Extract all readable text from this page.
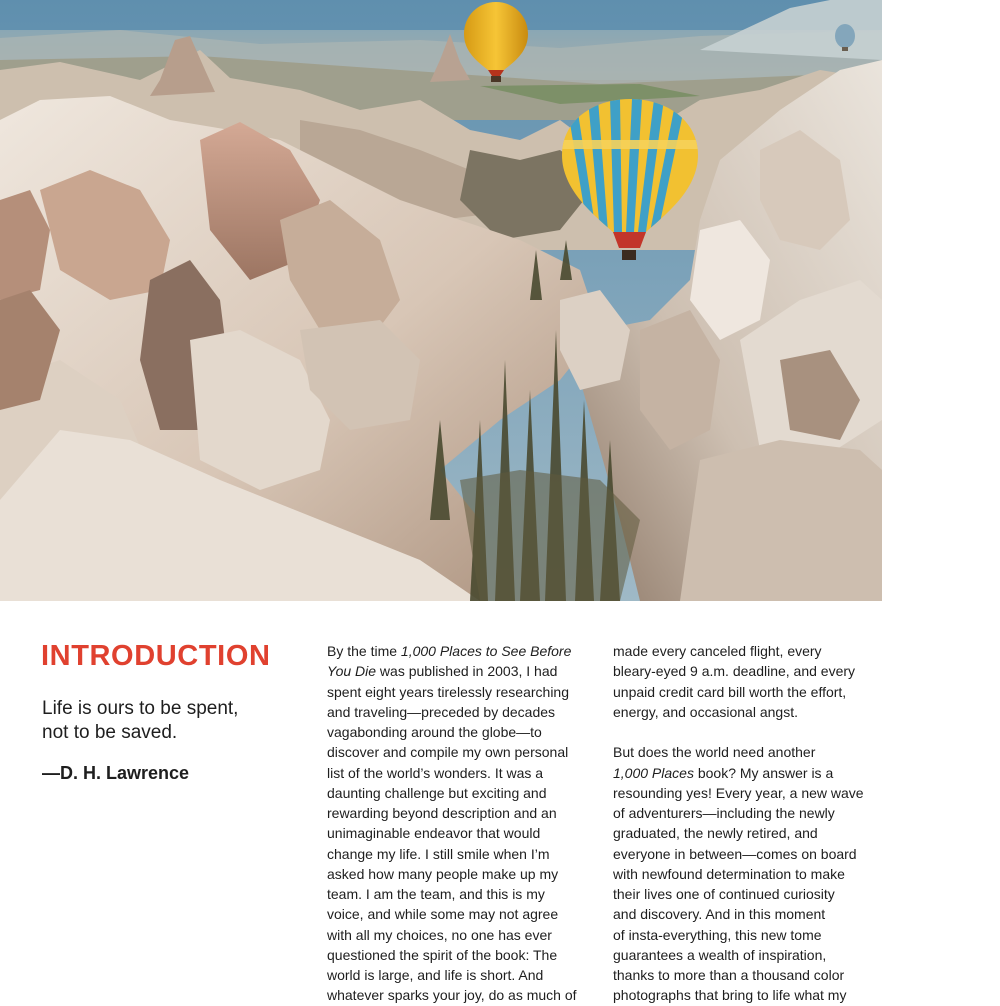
INTRODUCTION

Life is ours to be spent,
not to be saved.

—D. H. Lawrence

By the time 1,000 Places to See Before
You Die was published in 2003, I had
spent eight years tirelessly researching
and traveling—preceded by decades
vagabonding around the globe—to
discover and compile my own personal
list of the world’s wonders. It was a
daunting challenge but exciting and
rewarding beyond description and an
unimaginable endeavor that would
change my life. I still smile when I’m
asked how many people make up my
team. I am the team, and this is my
voice, and while some may not agree
with all my choices, no one has ever
questioned the spirit of the book: The
world is large, and life is short. And
whatever sparks your joy, do as much of
made every canceled flight, every
bleary-eyed 9 a.m. deadline, and every
unpaid credit card bill worth the effort,
energy, and occasional angst.
But does the world need another
1,000 Places book? My answer is a
resounding yes! Every year, a new wave
of adventurers—including the newly
graduated, the newly retired, and
everyone in between—comes on board
with newfound determination to make
their lives one of continued curiosity
and discovery. And in this moment
of insta-everything, this new tome
guarantees a wealth of inspiration,
thanks to more than a thousand color
photographs that bring to life what my
